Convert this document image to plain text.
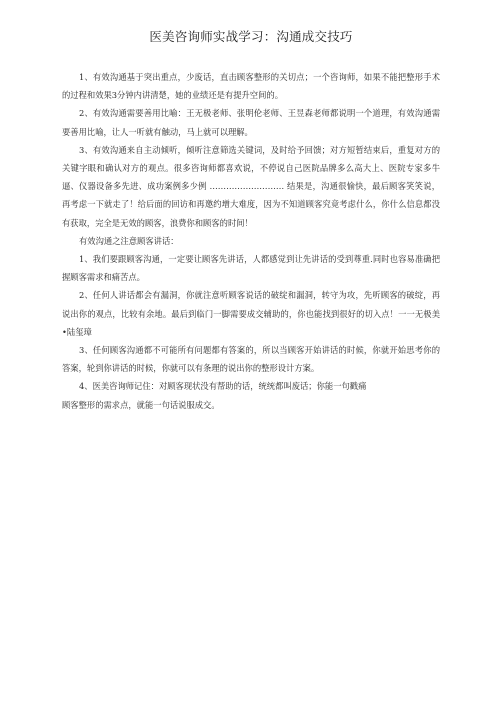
医美咨询师实战学习：沟通成交技巧

1、有效沟通基于突出重点，少废话，直击顾客整形的关切点；一个咨询师，如果不能把整形手术的过程和效果3分钟内讲清楚，她的业绩还是有提升空间的。

2、有效沟通需要善用比喻：王无极老师、张明伦老师、王昱森老师都说明一个道理，有效沟通需要善用比喻，让人一听就有触动，马上就可以理解。

3、有效沟通来自主动倾听，倾听注意筛选关键词，及时给予回馈；对方短暂结束后，重复对方的关键字眼和确认对方的观点。很多咨询师都喜欢说，不停说自己医院品牌多么高大上、医院专家多牛逼、仪器设备多先进、成功案例多少例 ……………………… 结果是，沟通很愉快，最后顾客笑笑说，再考虑一下就走了！给后面的回访和再邀约增大难度，因为不知道顾客究竟考虑什么，你什么信息都没有获取，完全是无效的顾客，浪费你和顾客的时间！

有效沟通之注意顾客讲话：

1、我们要跟顾客沟通，一定要让顾客先讲话，人都感觉到让先讲话的受到尊重.同时也容易准确把握顾客需求和痛苦点。

2、任何人讲话都会有漏洞，你就注意听顾客说话的破绽和漏洞，转守为攻，先听顾客的破绽，再说出你的观点，比较有余地。最后到临门一脚需要成交辅助的，你也能找到很好的切入点！一一无极美•陆玺璋

3、任何顾客沟通都不可能所有问题都有答案的，所以当顾客开始讲话的时候，你就开始思考你的答案，轮到你讲话的时候，你就可以有条理的说出你的整形设计方案。

4、医美咨询师记住：对顾客现状没有帮助的话，统统都叫废话；你能一句戳痛

顾客整形的需求点，就能一句话说服成交。
